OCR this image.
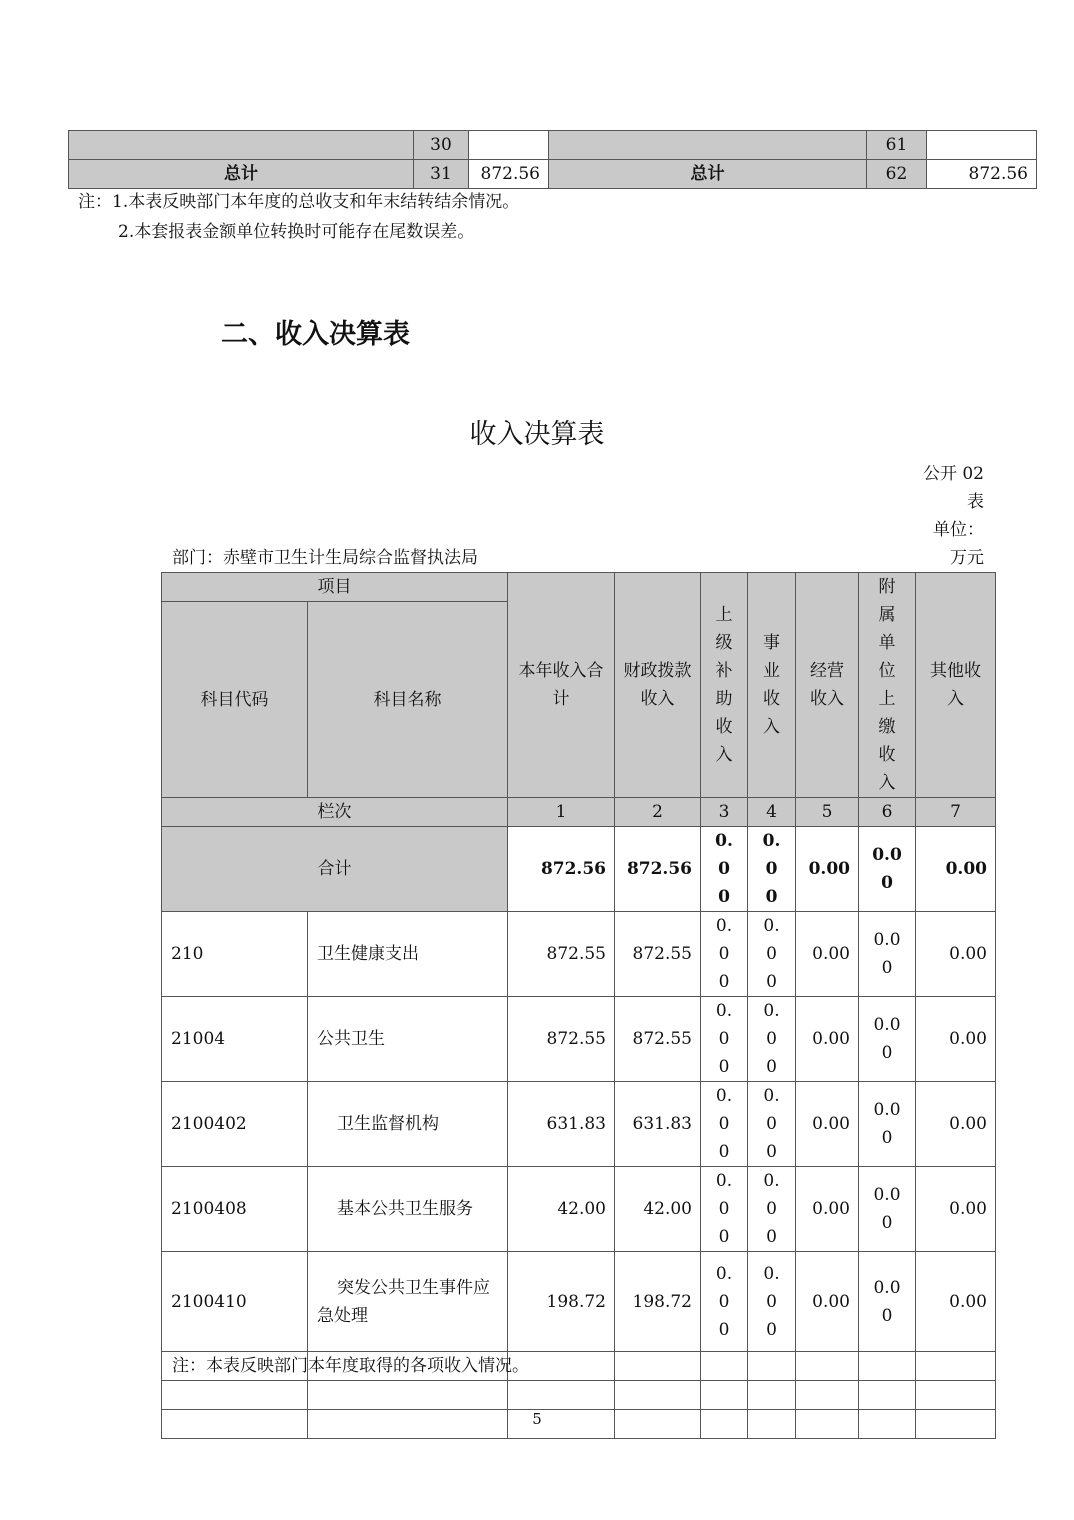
	30			61	
总计	31	872.56	总计	62	872.56
注：1.本表反映部门本年度的总收支和年末结转结余情况。
2.本套报表金额单位转换时可能存在尾数误差。
二、收入决算表
收入决算表
公开 02
表
单位：
万元
部门：赤壁市卫生计生局综合监督执法局
项目		本年收入合计	财政拨款收入	上级补助收入	事业收入	经营收入	附属单位上缴收入	其他收入
科目代码	科目名称							
栏次		1	2	3	4	5	6	7
合计		872.56	872.56	0.00	0.00	0.00	0.00	0.00
210	卫生健康支出	872.55	872.55	0.00	0.00	0.00	0.00	0.00
21004	公共卫生	872.55	872.55	0.00	0.00	0.00	0.00	0.00
2100402	卫生监督机构	631.83	631.83	0.00	0.00	0.00	0.00	0.00
2100408	基本公共卫生服务	42.00	42.00	0.00	0.00	0.00	0.00	0.00
2100410	突发公共卫生事件应急处理	198.72	198.72	0.00	0.00	0.00	0.00	0.00

注：本表反映部门本年度取得的各项收入情况。
5
